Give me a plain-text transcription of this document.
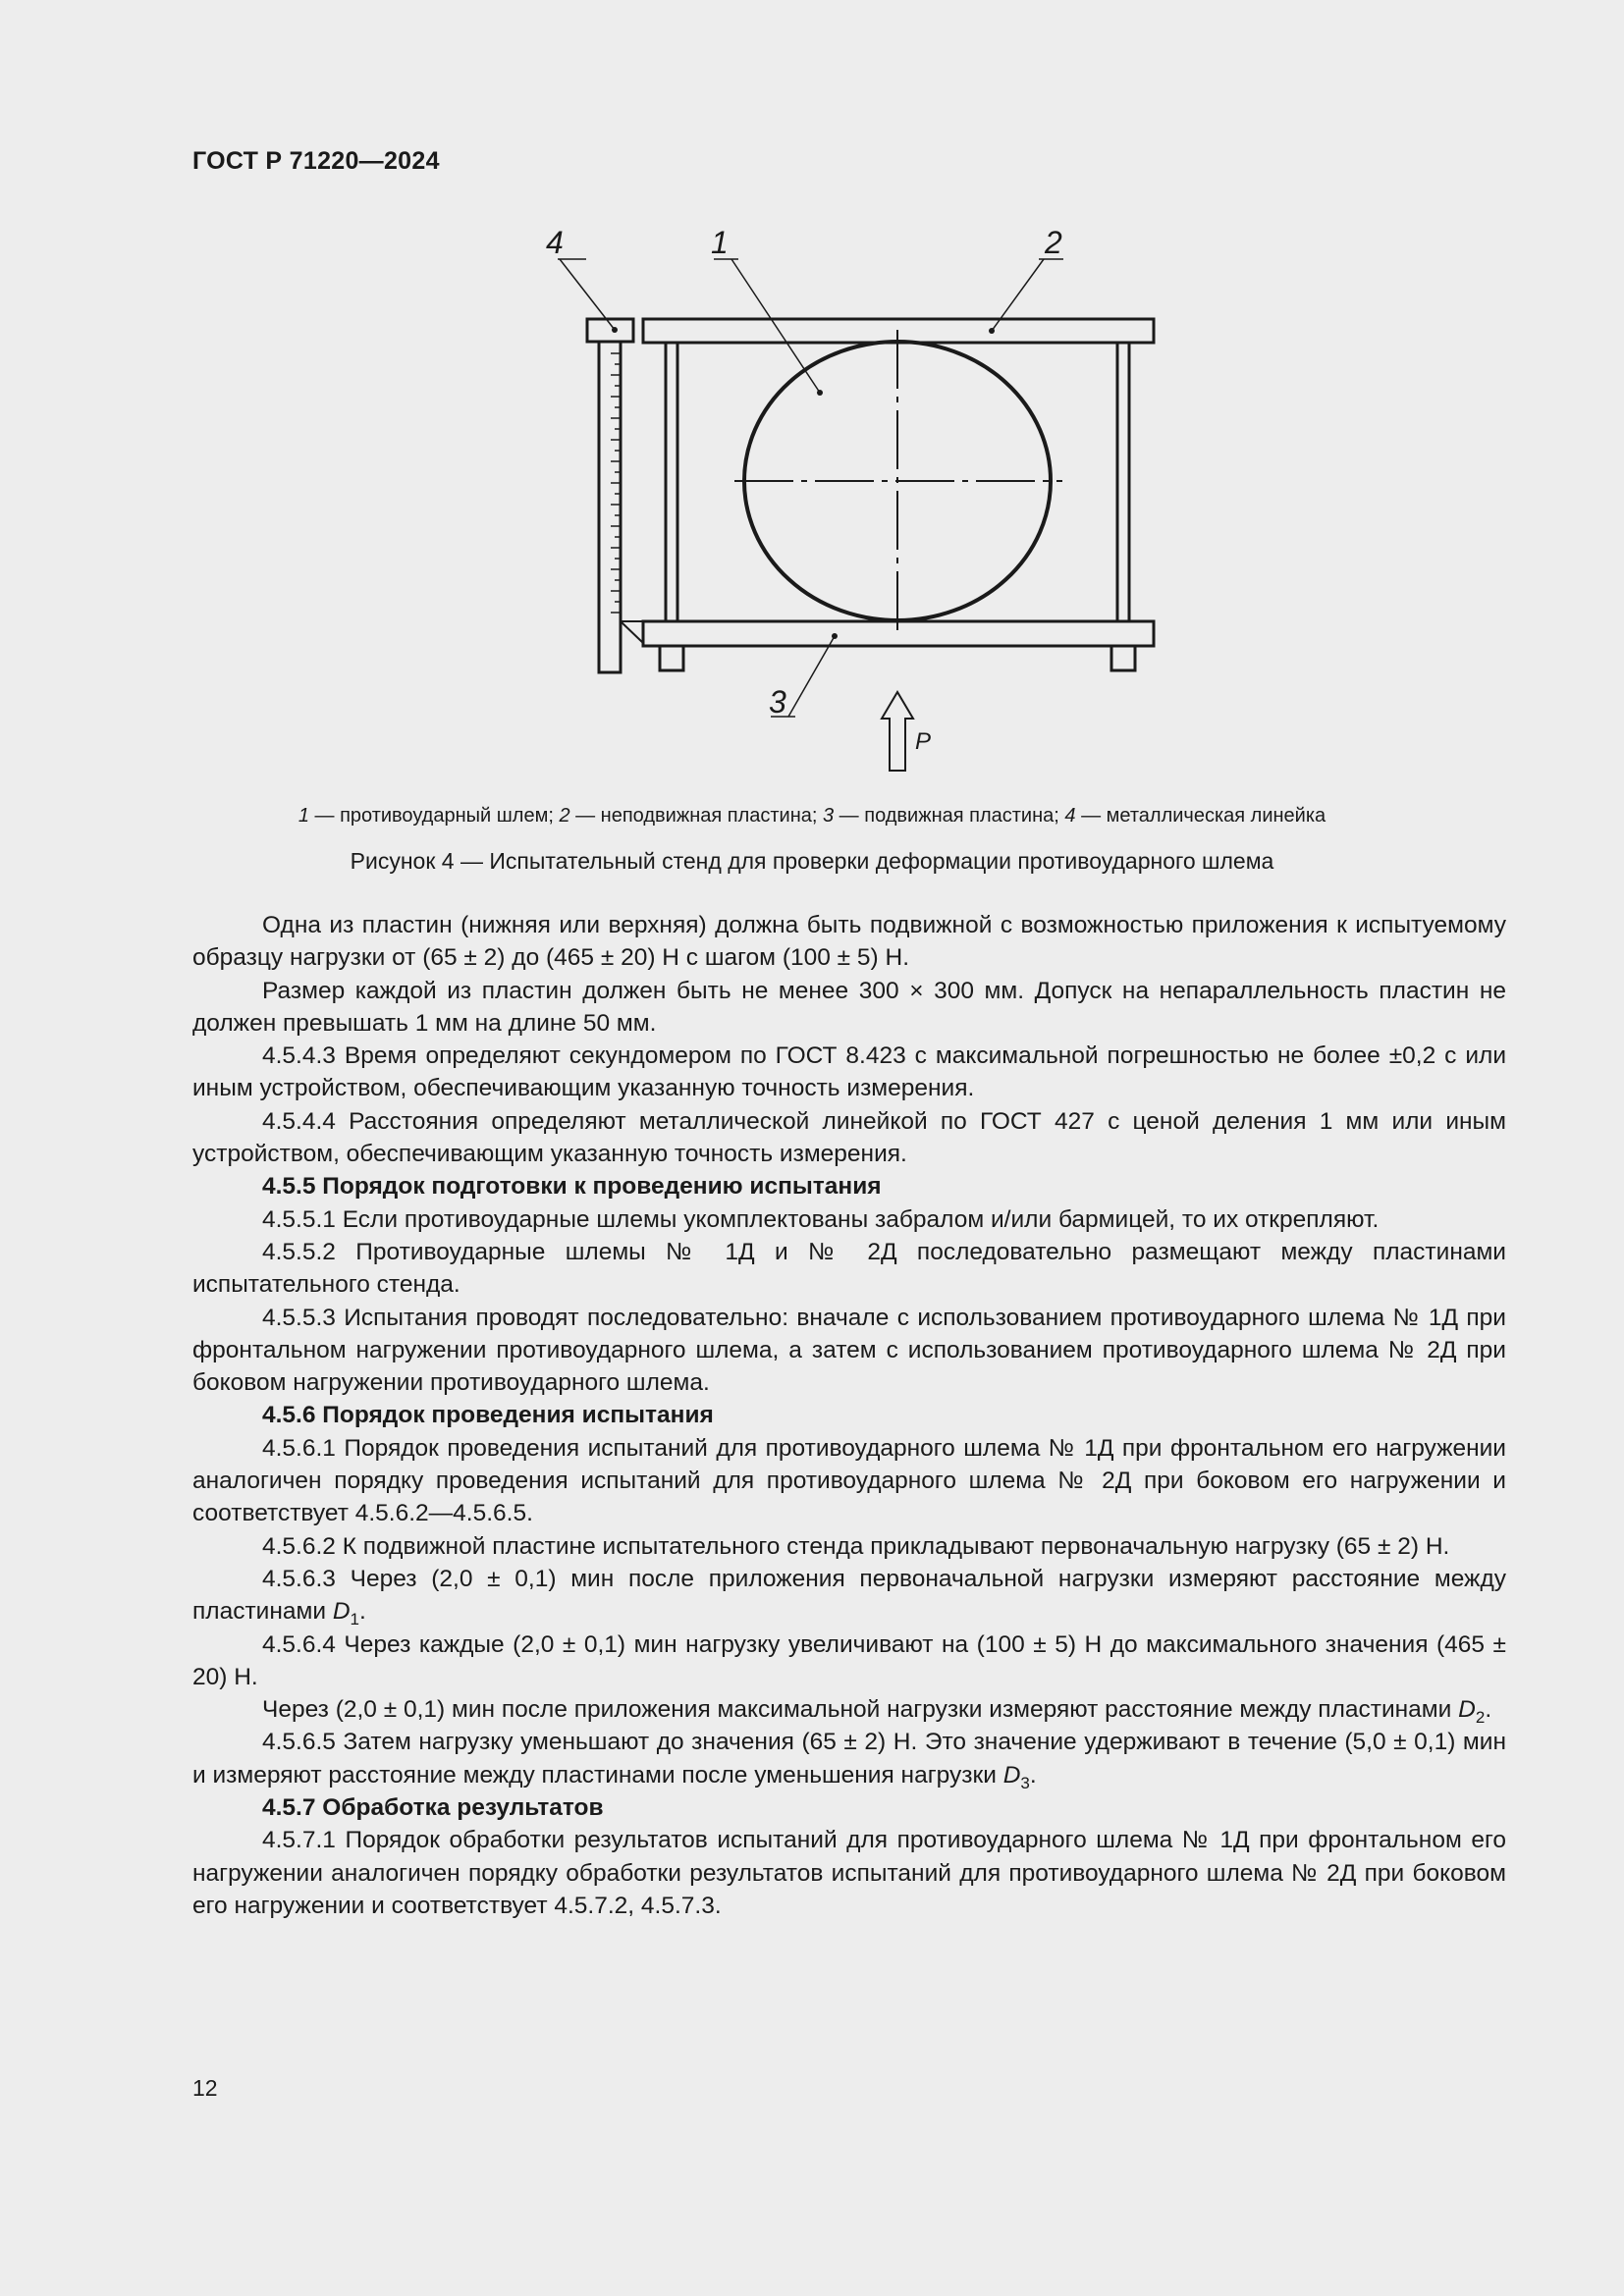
ГОСТ Р 71220—2024
4	1	2
3
P
1 — противоударный шлем; 2 — неподвижная пластина; 3 — подвижная пластина; 4 — металлическая линейка
Рисунок 4 — Испытательный стенд для проверки деформации противоударного шлема

Одна из пластин (нижняя или верхняя) должна быть подвижной с возможностью приложения к испытуемому образцу нагрузки от (65 ± 2) до (465 ± 20) Н с шагом (100 ± 5) Н.

Размер каждой из пластин должен быть не менее 300 × 300 мм. Допуск на непараллельность пластин не должен превышать 1 мм на длине 50 мм.

4.5.4.3 Время определяют секундомером по ГОСТ 8.423 с максимальной погрешностью не более ±0,2 с или иным устройством, обеспечивающим указанную точность измерения.

4.5.4.4 Расстояния определяют металлической линейкой по ГОСТ 427 с ценой деления 1 мм или иным устройством, обеспечивающим указанную точность измерения.

4.5.5 Порядок подготовки к проведению испытания

4.5.5.1 Если противоударные шлемы укомплектованы забралом и/или бармицей, то их открепляют.

4.5.5.2 Противоударные шлемы № 1Д и № 2Д последовательно размещают между пластинами испытательного стенда.

4.5.5.3 Испытания проводят последовательно: вначале с использованием противоударного шлема № 1Д при фронтальном нагружении противоударного шлема, а затем с использованием противоударного шлема № 2Д при боковом нагружении противоударного шлема.

4.5.6 Порядок проведения испытания

4.5.6.1 Порядок проведения испытаний для противоударного шлема № 1Д при фронтальном его нагружении аналогичен порядку проведения испытаний для противоударного шлема № 2Д при боковом его нагружении и соответствует 4.5.6.2—4.5.6.5.

4.5.6.2 К подвижной пластине испытательного стенда прикладывают первоначальную нагрузку (65 ± 2) Н.

4.5.6.3 Через (2,0 ± 0,1) мин после приложения первоначальной нагрузки измеряют расстояние между пластинами $D_1$.

4.5.6.4 Через каждые (2,0 ± 0,1) мин нагрузку увеличивают на (100 ± 5) Н до максимального значения (465 ± 20) Н.

Через (2,0 ± 0,1) мин после приложения максимальной нагрузки измеряют расстояние между пластинами $D_2$.

4.5.6.5 Затем нагрузку уменьшают до значения (65 ± 2) Н. Это значение удерживают в течение (5,0 ± 0,1) мин и измеряют расстояние между пластинами после уменьшения нагрузки $D_3$.

4.5.7 Обработка результатов

4.5.7.1 Порядок обработки результатов испытаний для противоударного шлема № 1Д при фронтальном его нагружении аналогичен порядку обработки результатов испытаний для противоударного шлема № 2Д при боковом его нагружении и соответствует 4.5.7.2, 4.5.7.3.

12
